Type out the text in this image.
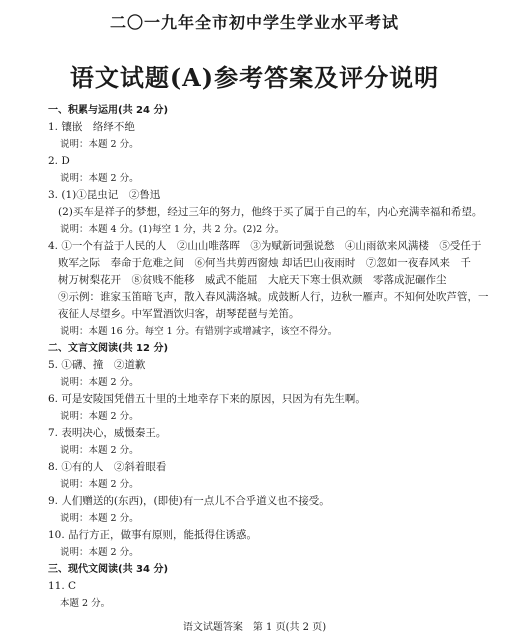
二〇一九年全市初中学生学业水平考试
语文试题(A)参考答案及评分说明
一、积累与运用(共 24 分)
1. 镶嵌　络绎不绝
说明：本题 2 分。
2. D
说明：本题 2 分。
3. (1)①昆虫记　②鲁迅
(2)买车是祥子的梦想，经过三年的努力，他终于买了属于自己的车，内心充满幸福和希望。
说明：本题 4 分。(1)每空 1 分，共 2 分。(2)2 分。
4. ①一个有益于人民的人　②山山唯落晖　③为赋新词强说愁　④山雨欲来风满楼　⑤受任于
败军之际　奉命于危难之间　⑥何当共剪西窗烛 却话巴山夜雨时　⑦忽如一夜春风来　千
树万树梨花开　⑧贫贱不能移　威武不能屈　大庇天下寒士俱欢颜　零落成泥碾作尘
⑨示例：谁家玉笛暗飞声，散入春风满洛城。成鼓断人行，边秋一雁声。不知何处吹芦管，一
夜征人尽望乡。中军置酒饮归客，胡琴琵琶与羌笛。
说明：本题 16 分。每空 1 分。有错别字或增减字，该空不得分。
二、文言文阅读(共 12 分)
5. ①礴、撞　②道歉
说明：本题 2 分。
6. 可是安陵国凭借五十里的土地幸存下来的原因，只因为有先生啊。
说明：本题 2 分。
7. 表明决心，威慑秦王。
说明：本题 2 分。
8. ①有的人　②斜着眼看
说明：本题 2 分。
9. 人们赠送的(东西)，(即使)有一点儿不合乎道义也不接受。
说明：本题 2 分。
10. 品行方正，做事有原则，能抵得住诱惑。
说明：本题 2 分。
三、现代文阅读(共 34 分)
11. C
本题 2 分。
语文试题答案　第 1 页(共 2 页)
